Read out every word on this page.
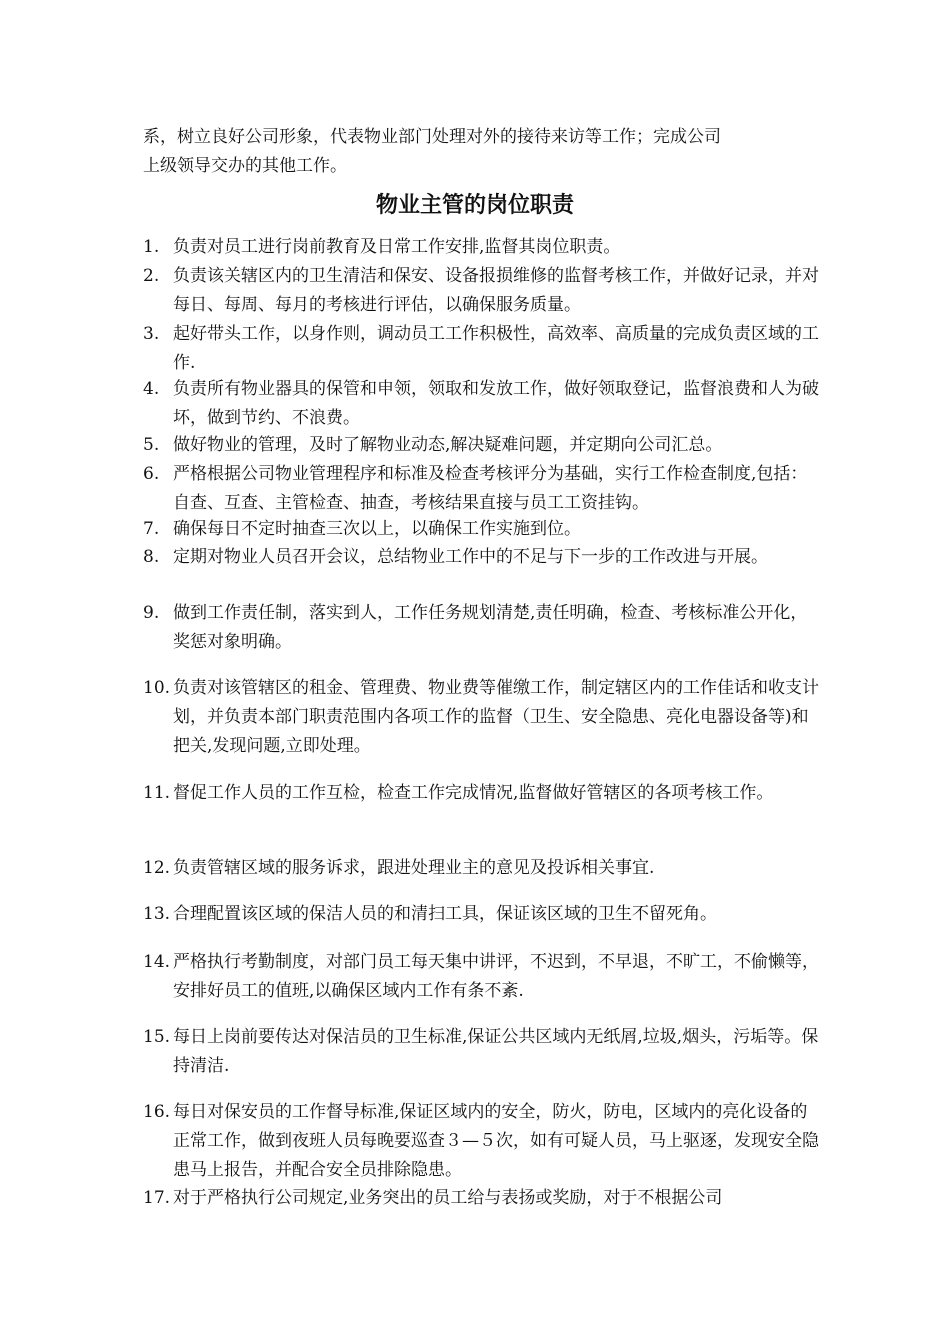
系，树立良好公司形象，代表物业部门处理对外的接待来访等工作；完成公司
上级领导交办的其他工作。
物业主管的岗位职责
1. 负责对员工进行岗前教育及日常工作安排,监督其岗位职责。
2. 负责该关辖区内的卫生清洁和保安、设备报损维修的监督考核工作，并做好记录，并对每日、每周、每月的考核进行评估，以确保服务质量。
3. 起好带头工作，以身作则，调动员工工作积极性，高效率、高质量的完成负责区域的工作.
4. 负责所有物业器具的保管和申领，领取和发放工作，做好领取登记，监督浪费和人为破坏，做到节约、不浪费。
5. 做好物业的管理，及时了解物业动态,解决疑难问题，并定期向公司汇总。
6. 严格根据公司物业管理程序和标准及检查考核评分为基础，实行工作检查制度,包括：自查、互查、主管检查、抽查，考核结果直接与员工工资挂钩。
7. 确保每日不定时抽查三次以上，以确保工作实施到位。
8. 定期对物业人员召开会议，总结物业工作中的不足与下一步的工作改进与开展。
9. 做到工作责任制，落实到人，工作任务规划清楚,责任明确，检查、考核标准公开化，奖惩对象明确。
10. 负责对该管辖区的租金、管理费、物业费等催缴工作，制定辖区内的工作佳话和收支计划，并负责本部门职责范围内各项工作的监督（卫生、安全隐患、亮化电器设备等)和把关,发现问题,立即处理。
11. 督促工作人员的工作互检，检查工作完成情况,监督做好管辖区的各项考核工作。
12. 负责管辖区域的服务诉求，跟进处理业主的意见及投诉相关事宜.
13. 合理配置该区域的保洁人员的和清扫工具，保证该区域的卫生不留死角。
14. 严格执行考勤制度，对部门员工每天集中讲评，不迟到，不早退，不旷工，不偷懒等，安排好员工的值班,以确保区域内工作有条不紊.
15. 每日上岗前要传达对保洁员的卫生标准,保证公共区域内无纸屑,垃圾,烟头，污垢等。保持清洁.
16. 每日对保安员的工作督导标准,保证区域内的安全，防火，防电，区域内的亮化设备的正常工作，做到夜班人员每晚要巡查３—５次，如有可疑人员，马上驱逐，发现安全隐患马上报告，并配合安全员排除隐患。
17. 对于严格执行公司规定,业务突出的员工给与表扬或奖励，对于不根据公司
